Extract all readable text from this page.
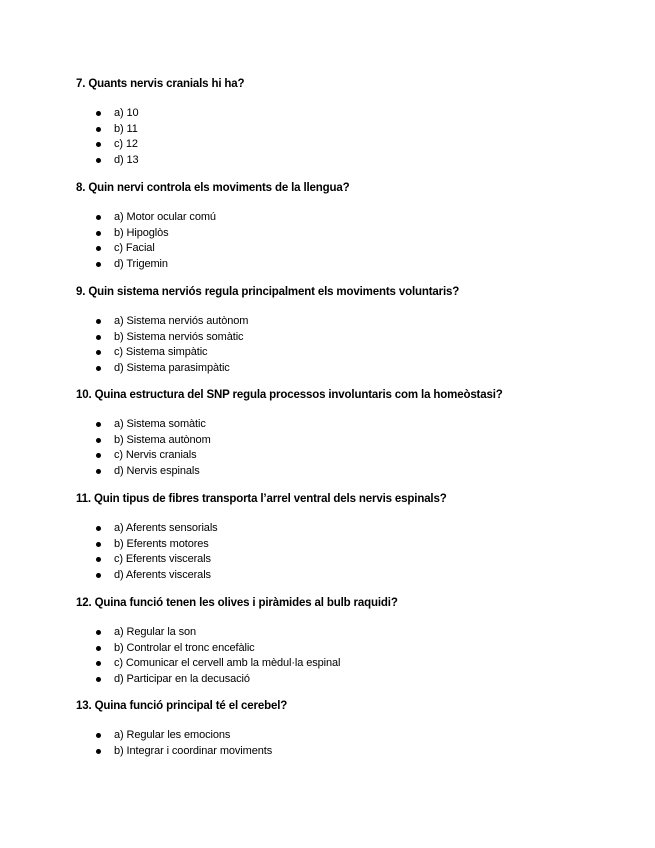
7. Quants nervis cranials hi ha?
a) 10
b) 11
c) 12
d) 13
8. Quin nervi controla els moviments de la llengua?
a) Motor ocular comú
b) Hipoglòs
c) Facial
d) Trigemin
9. Quin sistema nerviós regula principalment els moviments voluntaris?
a) Sistema nerviós autònom
b) Sistema nerviós somàtic
c) Sistema simpàtic
d) Sistema parasimpàtic
10. Quina estructura del SNP regula processos involuntaris com la homeòstasi?
a) Sistema somàtic
b) Sistema autònom
c) Nervis cranials
d) Nervis espinals
11. Quin tipus de fibres transporta l’arrel ventral dels nervis espinals?
a) Aferents sensorials
b) Eferents motores
c) Eferents viscerals
d) Aferents viscerals
12. Quina funció tenen les olives i piràmides al bulb raquidi?
a) Regular la son
b) Controlar el tronc encefàlic
c) Comunicar el cervell amb la mèdul·la espinal
d) Participar en la decusació
13. Quina funció principal té el cerebel?
a) Regular les emocions
b) Integrar i coordinar moviments
